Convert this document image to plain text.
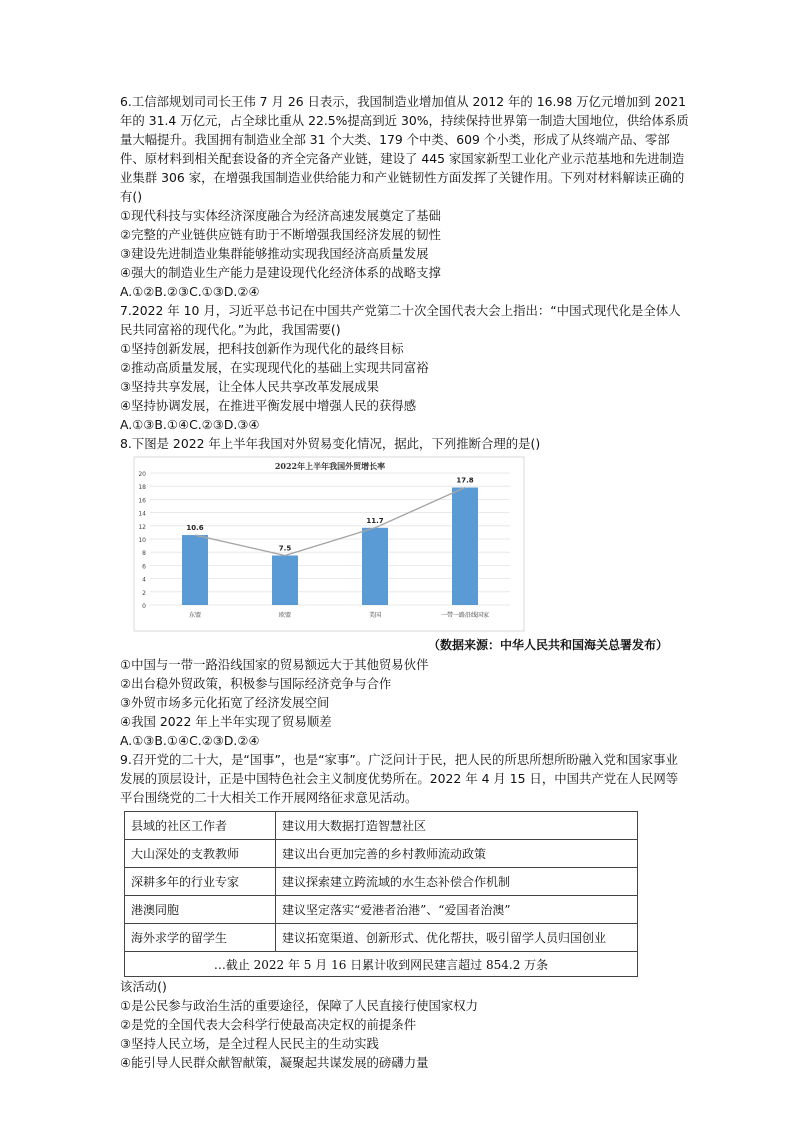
6.工信部规划司司长王伟 7 月 26 日表示，我国制造业增加值从 2012 年的 16.98 万亿元增加到 2021 年的 31.4 万亿元，占全球比重从 22.5%提高到近 30%，持续保持世界第一制造大国地位，供给体系质量大幅提升。我国拥有制造业全部 31 个大类、179 个中类、609 个小类，形成了从终端产品、零部件、原材料到相关配套设备的齐全完备产业链，建设了 445 家国家新型工业化产业示范基地和先进制造业集群 306 家，在增强我国制造业供给能力和产业链韧性方面发挥了关键作用。下列对材料解读正确的有()

①现代科技与实体经济深度融合为经济高速发展奠定了基础

②完整的产业链供应链有助于不断增强我国经济发展的韧性

③建设先进制造业集群能够推动实现我国经济高质量发展

④强大的制造业生产能力是建设现代化经济体系的战略支撑

A.①②B.②③C.①③D.②④

7.2022 年 10 月，习近平总书记在中国共产党第二十次全国代表大会上指出：“中国式现代化是全体人民共同富裕的现代化。”为此，我国需要()

①坚持创新发展，把科技创新作为现代化的最终目标

②推动高质量发展，在实现现代化的基础上实现共同富裕

③坚持共享发展，让全体人民共享改革发展成果

④坚持协调发展，在推进平衡发展中增强人民的获得感

A.①③B.①④C.②③D.③④

8.下图是 2022 年上半年我国对外贸易变化情况，据此，下列推断合理的是()

0
2
4
6
8
10
12
14
16
18
20
2022年上半年我国外贸增长率
10.6
7.5
11.7
17.8
东盟	欧盟	美国	一带一路沿线国家
（数据来源：中华人民共和国海关总署发布）

①中国与一带一路沿线国家的贸易额远大于其他贸易伙伴

②出台稳外贸政策，积极参与国际经济竞争与合作

③外贸市场多元化拓宽了经济发展空间

④我国 2022 年上半年实现了贸易顺差

A.①③B.①④C.②③D.②④

9.召开党的二十大，是“国事”，也是“家事”。广泛问计于民，把人民的所思所想所盼融入党和国家事业发展的顶层设计，正是中国特色社会主义制度优势所在。2022 年 4 月 15 日，中国共产党在人民网等平台围绕党的二十大相关工作开展网络征求意见活动。

县域的社区工作者	建议用大数据打造智慧社区
大山深处的支教教师	建议出台更加完善的乡村教师流动政策
深耕多年的行业专家	建议探索建立跨流域的水生态补偿合作机制
港澳同胞	建议坚定落实“爱港者治港”、“爱国者治澳”
海外求学的留学生	建议拓宽渠道、创新形式、优化帮扶，吸引留学人员归国创业
…截止 2022 年 5 月 16 日累计收到网民建言超过 854.2 万条	

该活动()

①是公民参与政治生活的重要途径，保障了人民直接行使国家权力

②是党的全国代表大会科学行使最高决定权的前提条件

③坚持人民立场，是全过程人民民主的生动实践

④能引导人民群众献智献策，凝聚起共谋发展的磅礴力量
